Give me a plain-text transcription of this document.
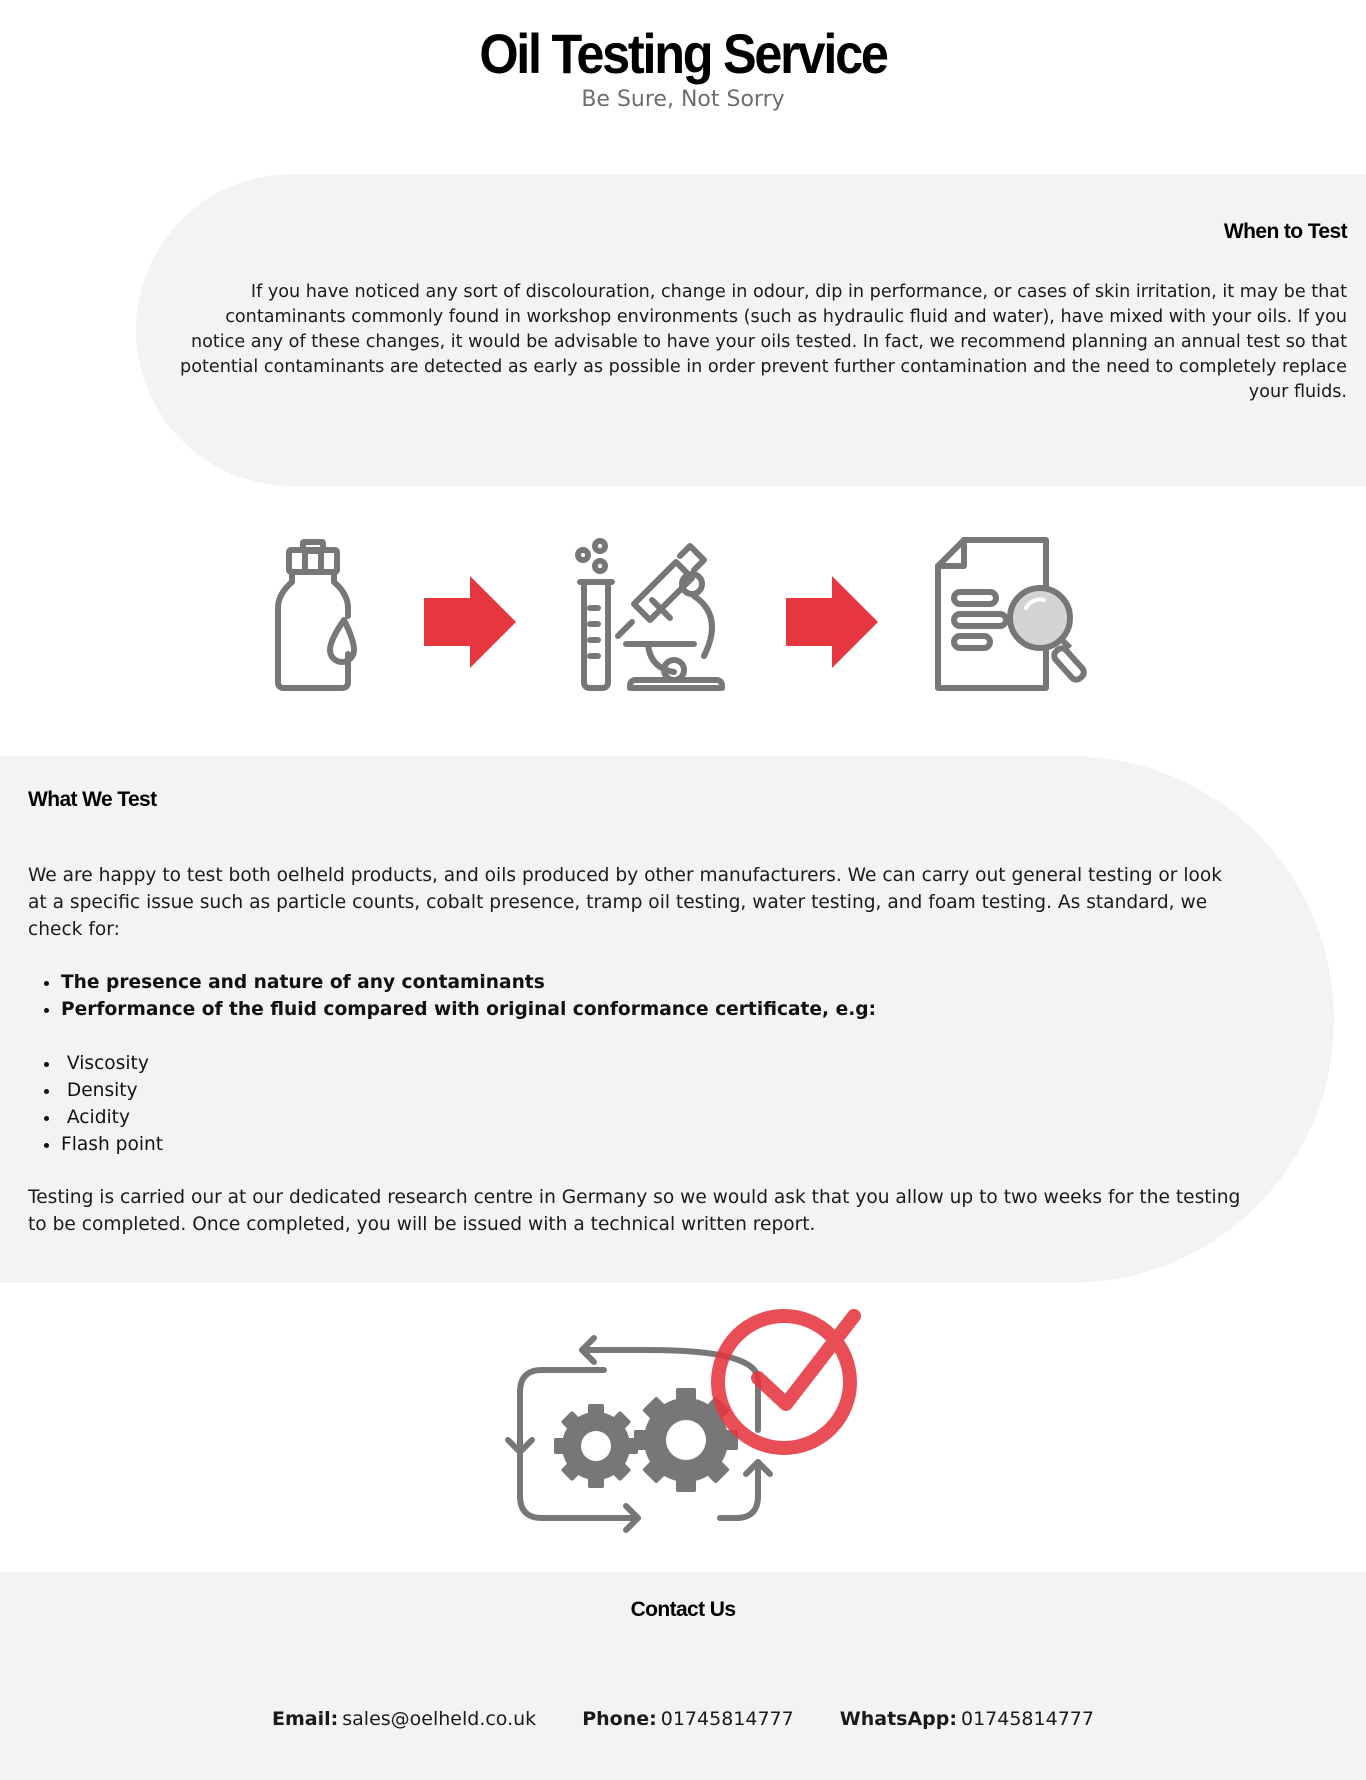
Oil Testing Service

Be Sure, Not Sorry

When to Test

If you have noticed any sort of discolouration, change in odour, dip in performance, or cases of skin irritation, it may be that contaminants commonly found in workshop environments (such as hydraulic fluid and water), have mixed with your oils. If you notice any of these changes, it would be advisable to have your oils tested. In fact, we recommend planning an annual test so that potential contaminants are detected as early as possible in order prevent further contamination and the need to completely replace your fluids.

What We Test

We are happy to test both oelheld products, and oils produced by other manufacturers. We can carry out general testing or look at a specific issue such as particle counts, cobalt presence, tramp oil testing, water testing, and foam testing. As standard, we check for:

• The presence and nature of any contaminants
• Performance of the fluid compared with original conformance certificate, e.g:
•  Viscosity
•  Density
•  Acidity
• Flash point

Testing is carried our at our dedicated research centre in Germany so we would ask that you allow up to two weeks for the testing to be completed. Once completed, you will be issued with a technical written report.

Contact Us
Email: sales@oelheld.co.uk Phone: 01745814777 WhatsApp: 01745814777
